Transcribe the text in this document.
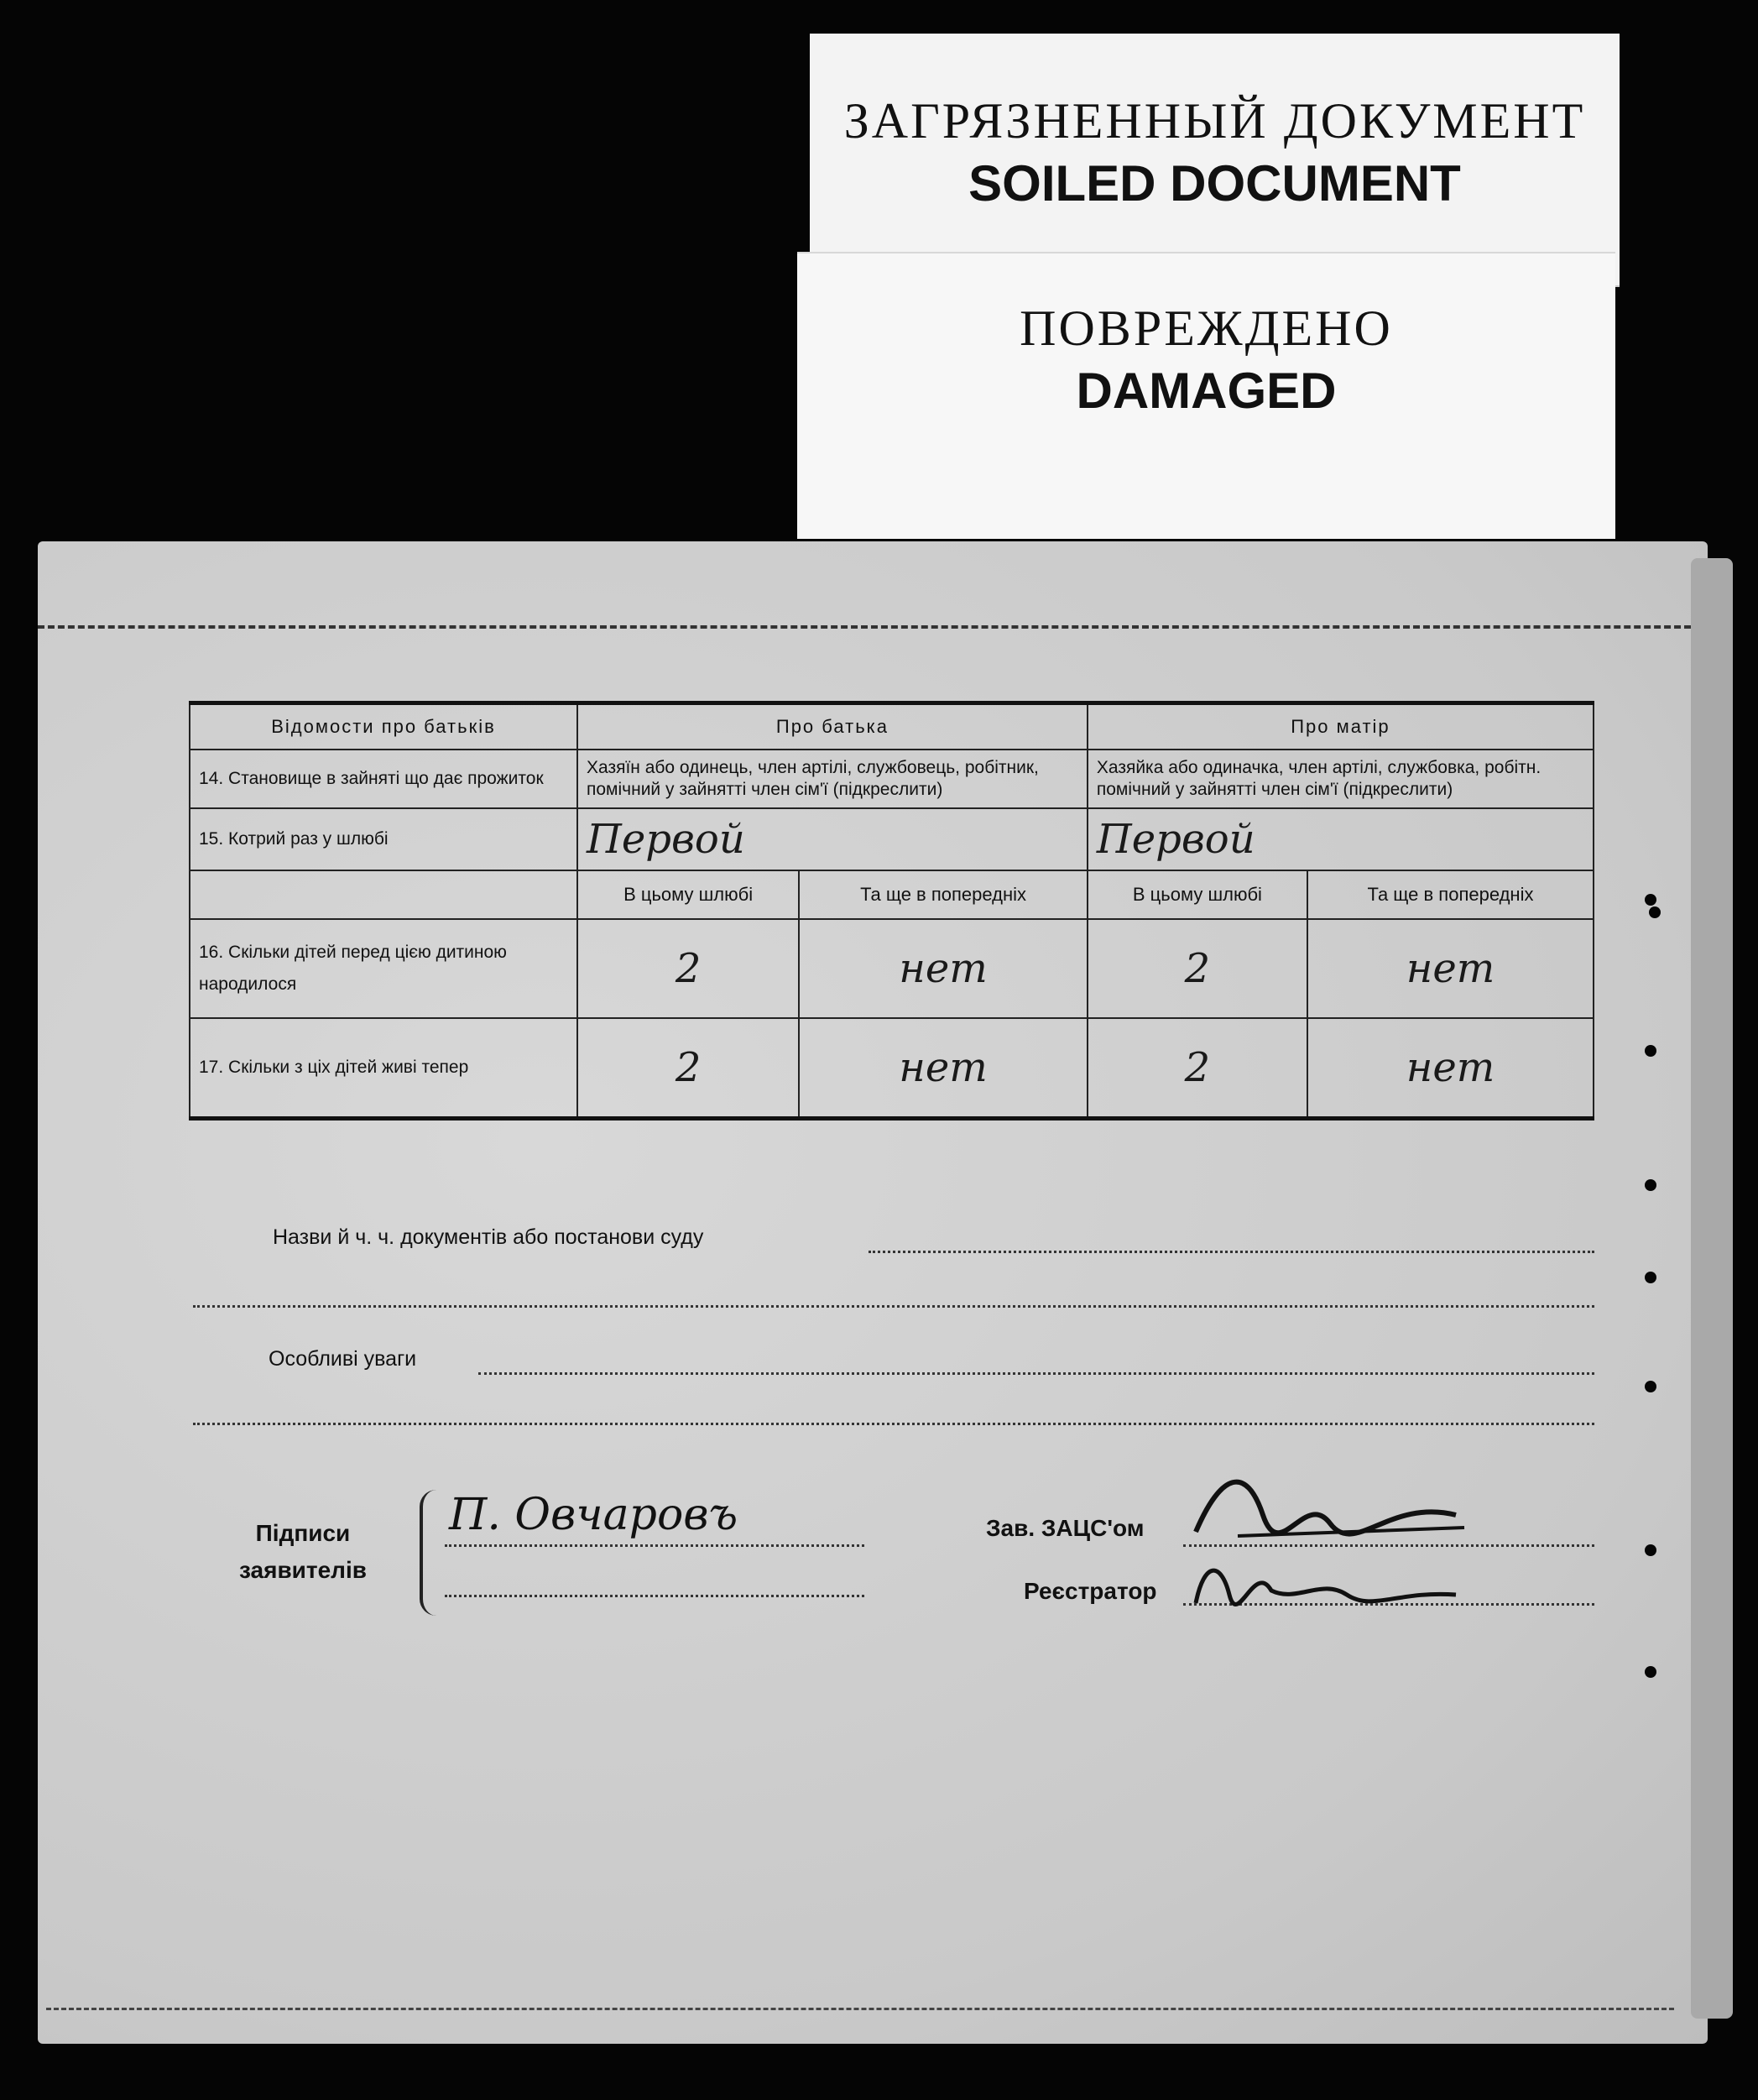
ЗАГРЯЗНЕННЫЙ ДОКУМЕНТ
SOILED DOCUMENT
ПОВРЕЖДЕНО
DAMAGED
Відомости про батьків	Про батька		Про матір	
14. Становище в зайняті що дає прожиток	Хазяїн або одинець, член артілі, службовець, робітник, помічний у зайнятті член сім'ї (підкреслити)		Хазяйка або одиначка, член артілі, службовка, робітн. помічний у зайнятті член сім'ї (підкреслити)	
15. Котрий раз у шлюбі	Первой		Первой	
	В цьому шлюбі	Та ще в попередніх	В цьому шлюбі	Та ще в попередніх
16. Скільки дітей перед цією дитиною народилося	2	нет	2	нет
17. Скільки з ціх дітей живі тепер	2	нет	2	нет
Назви й ч. ч. документів або постанови суду
Особливі уваги
Підписи
заявителів
П. Овчаровъ	Зав. ЗАЦС'ом
Реєстратор
